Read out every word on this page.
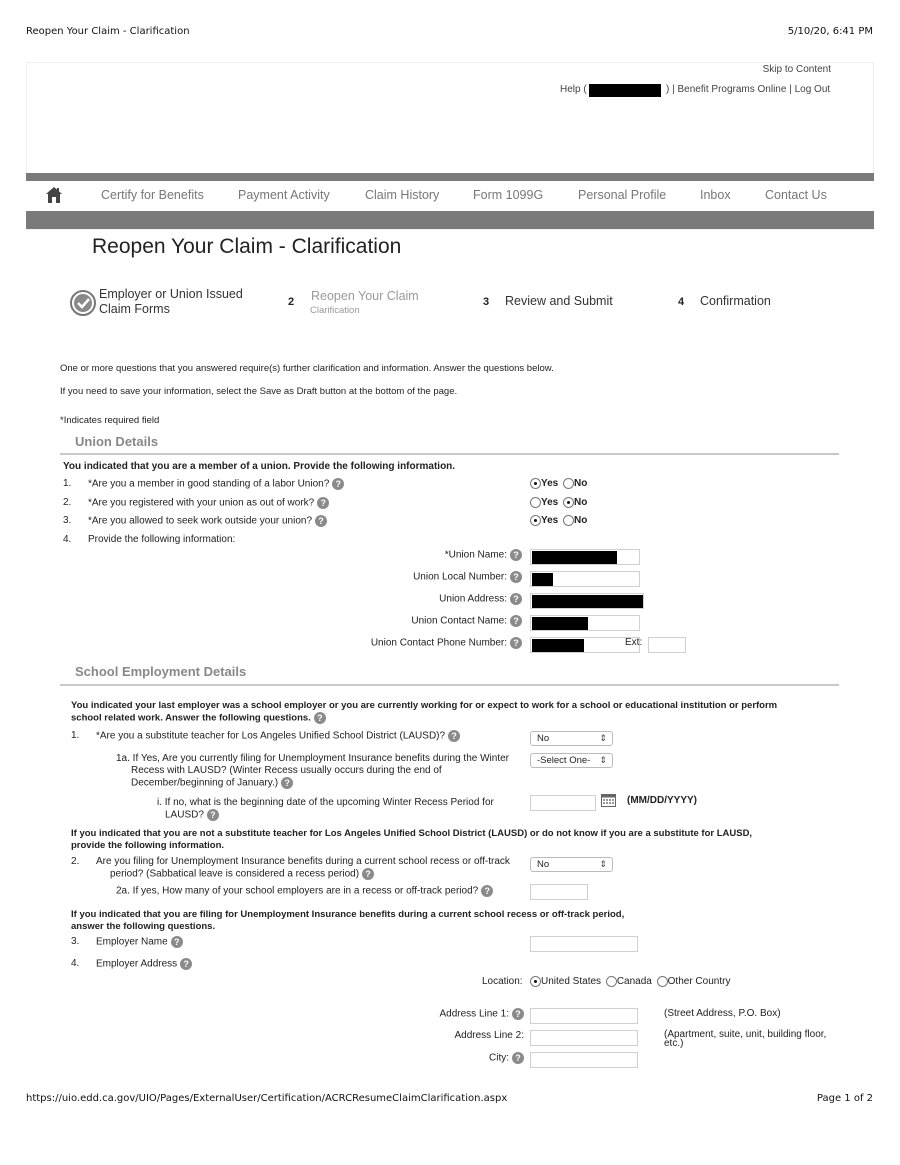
Reopen Your Claim - Clarification	5/10/20, 6:41 PM
Skip to Content
Help (	) | Benefit Programs Online | Log Out
Certify for Benefits	Payment Activity	Claim History	Form 1099G	Personal Profile	Inbox	Contact Us
Reopen Your Claim - Clarification
Employer or Union Issued
Claim Forms	2 Reopen Your Claim
Clarification
3 Review and Submit	4 Confirmation
One or more questions that you answered require(s) further clarification and information. Answer the questions below.
If you need to save your information, select the Save as Draft button at the bottom of the page.
*Indicates required field
Union Details
You indicated that you are a member of a union. Provide the following information.
1. *Are you a member in good standing of a labor Union? ?	Yes No
2. *Are you registered with your union as out of work? ?	Yes No
3. *Are you allowed to seek work outside your union? ?	Yes No
4. Provide the following information:
*Union Name: ?
Union Local Number: ?
Union Address: ?
Union Contact Name: ?
Union Contact Phone Number: ?	Ext:
School Employment Details
You indicated your last employer was a school employer or you are currently working for or expect to work for a school or educational institution or perform
school related work. Answer the following questions. ?
1. *Are you a substitute teacher for Los Angeles Unified School District (LAUSD)? ?	No	⇕
1a. If Yes, Are you currently filing for Unemployment Insurance benefits during the Winter
Recess with LAUSD? (Winter Recess usually occurs during the end of
December/beginning of January.) ?
-Select One- ⇕
i. If no, what is the beginning date of the upcoming Winter Recess Period for
LAUSD? ?
(MM/DD/YYYY)
If you indicated that you are not a substitute teacher for Los Angeles Unified School District (LAUSD) or do not know if you are a substitute for LAUSD,
provide the following information.
2. Are you filing for Unemployment Insurance benefits during a current school recess or off-track
period? (Sabbatical leave is considered a recess period) ?
No	⇕
2a. If yes, How many of your school employers are in a recess or off-track period? ?
If you indicated that you are filing for Unemployment Insurance benefits during a current school recess or off-track period,
answer the following questions.
3. Employer Name ?
4. Employer Address ?
Location:	United States Canada Other Country
Address Line 1: ?	(Street Address, P.O. Box)
Address Line 2:	(Apartment, suite, unit, building floor,
etc.)
City: ?
https://uio.edd.ca.gov/UIO/Pages/ExternalUser/Certification/ACRCResumeClaimClarification.aspx	Page 1 of 2
